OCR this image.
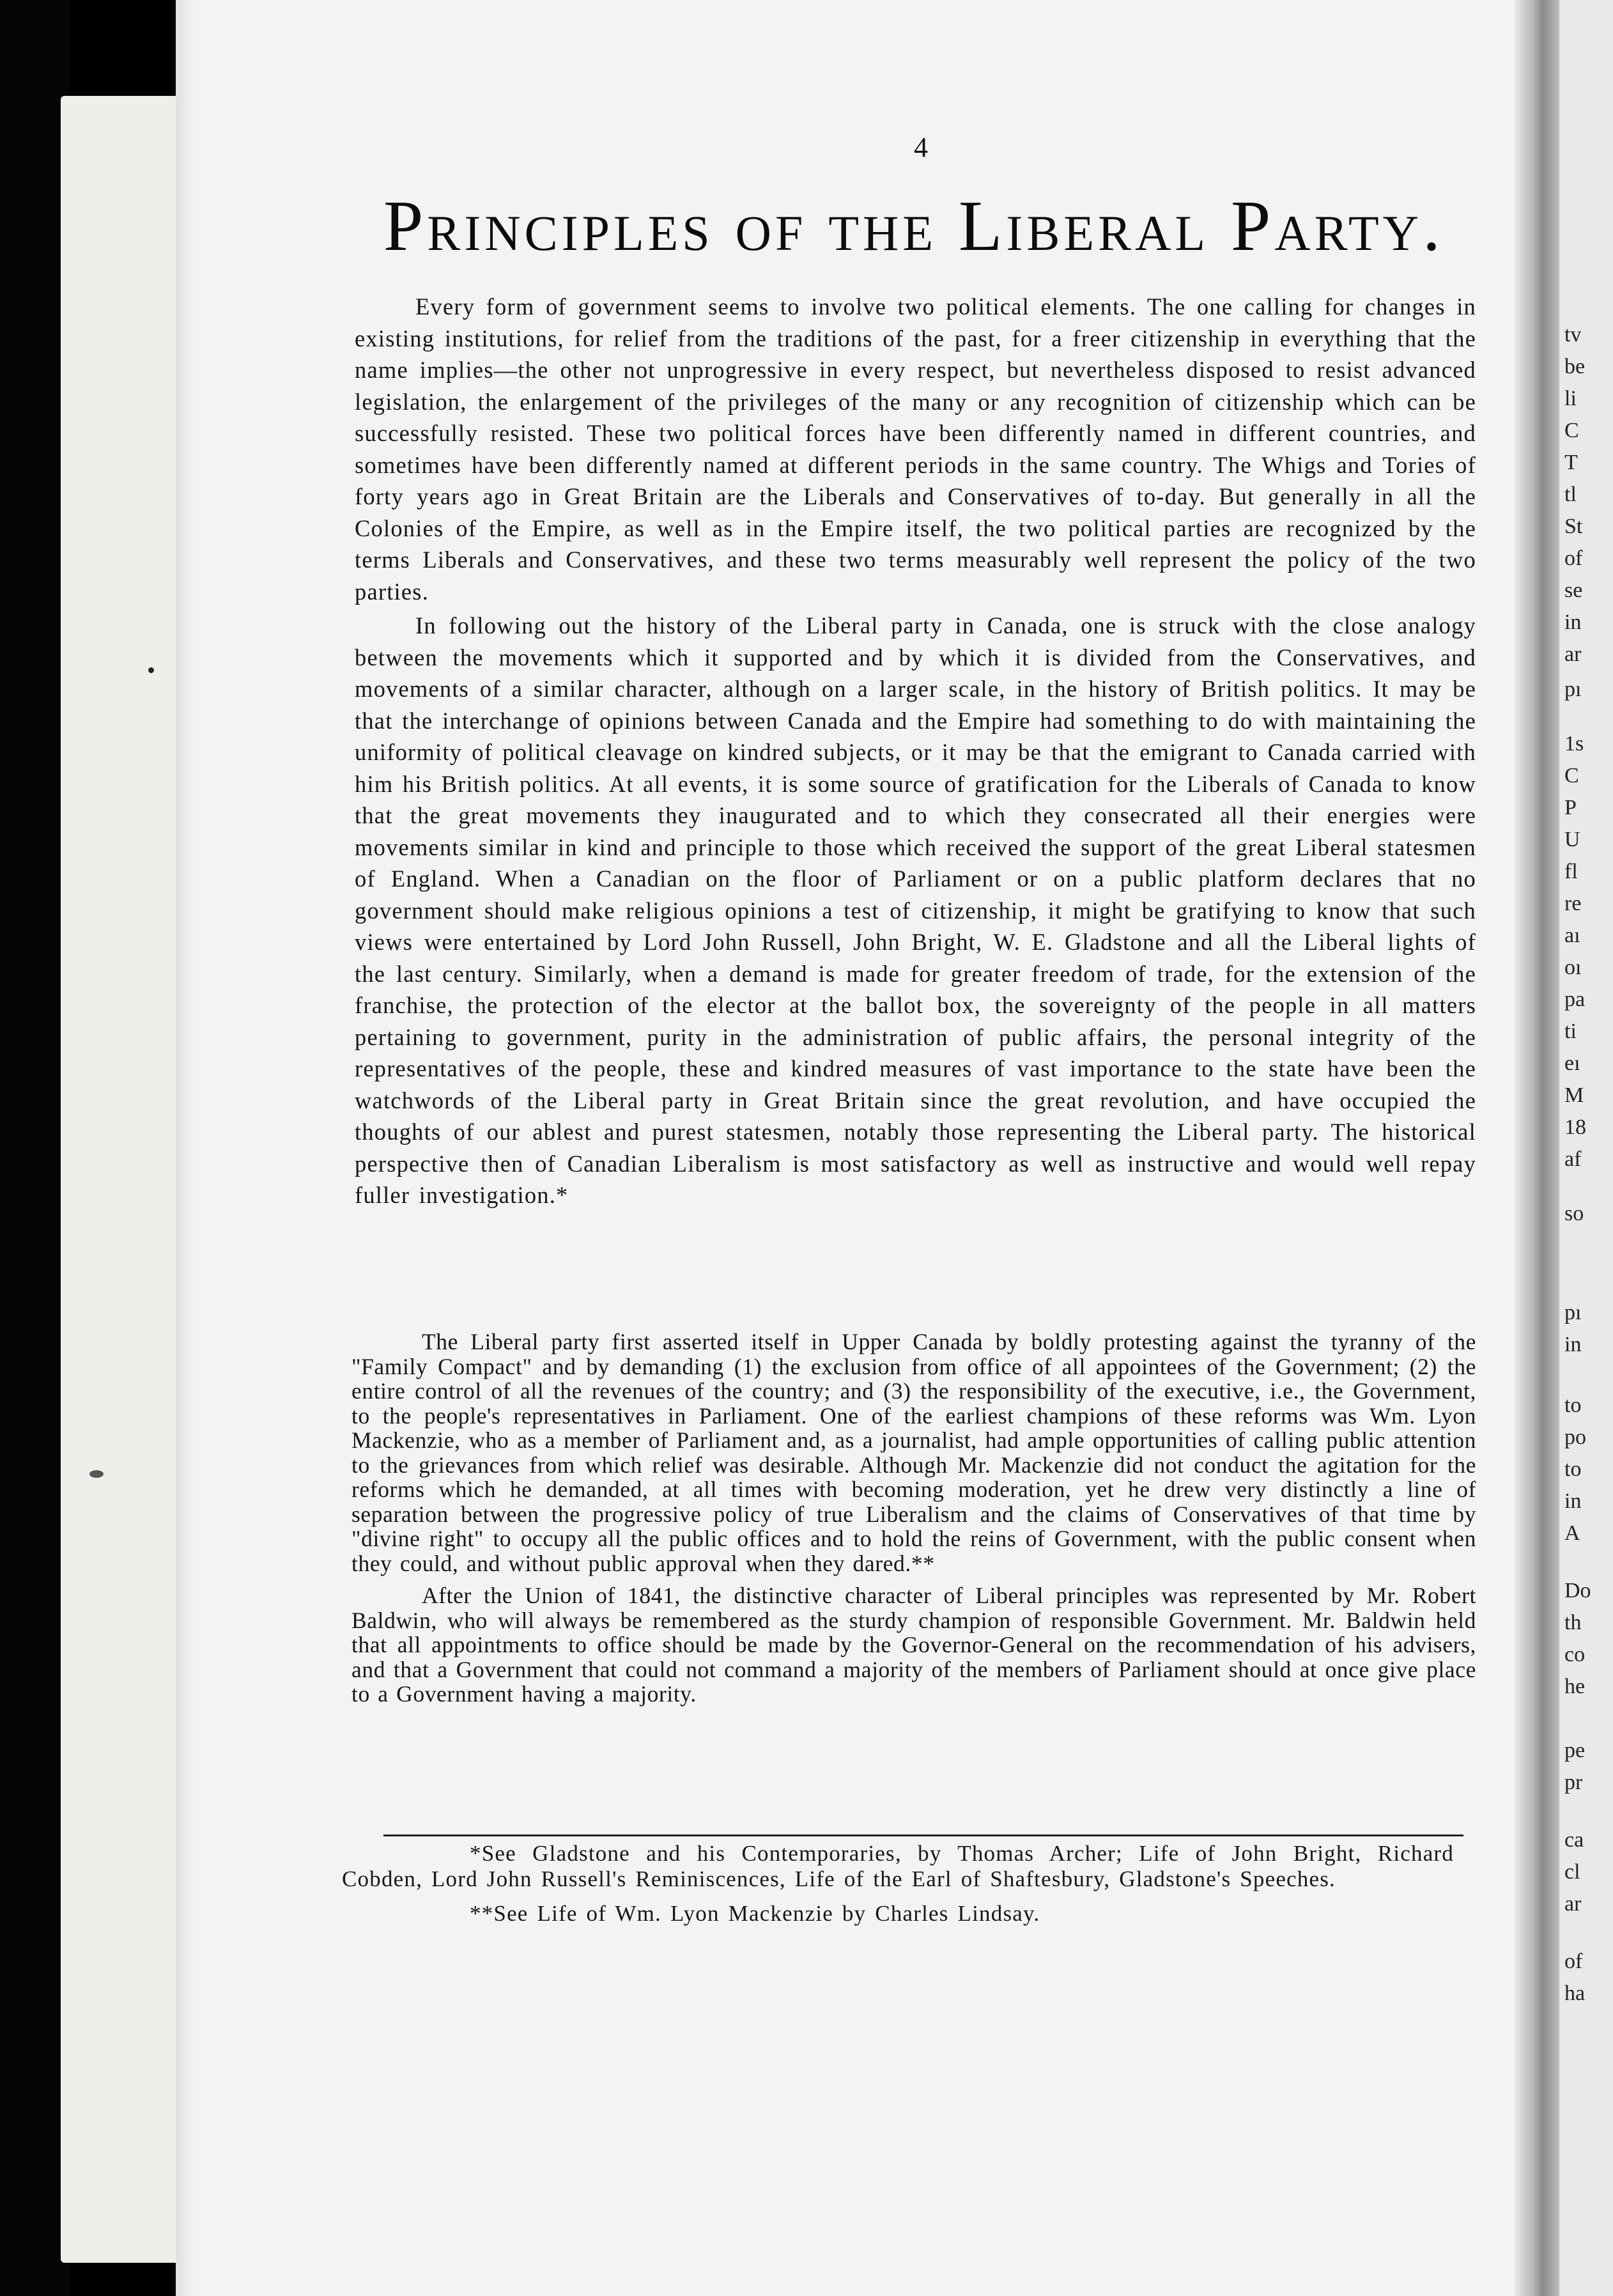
tv
be
li
C
T
tl
St
of
se
in
ar
pı
1s
C
P
U
fl
re
aı
oı
pa
ti
eı
M
18
af
so
pı
in
to
po
to
in
A
Do
th
co
he
pe
pr
ca
cl
ar
of
ha
4
Principles of the Liberal Party.

Every form of government seems to involve two political elements. The one calling for changes in existing institutions, for relief from the traditions of the past, for a freer citizenship in everything that the name implies—the other not unprogressive in every respect, but nevertheless disposed to resist advanced legislation, the enlargement of the privileges of the many or any recognition of citizenship which can be successfully resisted. These two political forces have been differently named in different countries, and sometimes have been differently named at different periods in the same country. The Whigs and Tories of forty years ago in Great Britain are the Liberals and Conservatives of to-day. But generally in all the Colonies of the Empire, as well as in the Empire itself, the two political parties are recognized by the terms Liberals and Conservatives, and these two terms measurably well represent the policy of the two parties.

In following out the history of the Liberal party in Canada, one is struck with the close analogy between the movements which it supported and by which it is divided from the Conservatives, and movements of a similar character, although on a larger scale, in the history of British politics. It may be that the interchange of opinions between Canada and the Empire had something to do with maintaining the uniformity of political cleavage on kindred subjects, or it may be that the emigrant to Canada carried with him his British politics. At all events, it is some source of gratification for the Liberals of Canada to know that the great movements they inaugurated and to which they consecrated all their energies were movements similar in kind and principle to those which received the support of the great Liberal statesmen of England. When a Canadian on the floor of Parliament or on a public platform declares that no government should make religious opinions a test of citizenship, it might be gratifying to know that such views were entertained by Lord John Russell, John Bright, W. E. Gladstone and all the Liberal lights of the last century. Similarly, when a demand is made for greater freedom of trade, for the extension of the franchise, the protection of the elector at the ballot box, the sovereignty of the people in all matters pertaining to government, purity in the administration of public affairs, the personal integrity of the representatives of the people, these and kindred measures of vast importance to the state have been the watchwords of the Liberal party in Great Britain since the great revolution, and have occupied the thoughts of our ablest and purest statesmen, notably those representing the Liberal party. The historical perspective then of Canadian Liberalism is most satisfactory as well as instructive and would well repay fuller investigation.*

The Liberal party first asserted itself in Upper Canada by boldly protesting against the tyranny of the "Family Compact" and by demanding (1) the exclusion from office of all appointees of the Government; (2) the entire control of all the revenues of the country; and (3) the responsibility of the executive, i.e., the Government, to the people's representatives in Parliament. One of the earliest champions of these reforms was Wm. Lyon Mackenzie, who as a member of Parliament and, as a journalist, had ample opportunities of calling public attention to the grievances from which relief was desirable. Although Mr. Mackenzie did not conduct the agitation for the reforms which he demanded, at all times with becoming moderation, yet he drew very distinctly a line of separation between the progressive policy of true Liberalism and the claims of Conservatives of that time by "divine right" to occupy all the public offices and to hold the reins of Government, with the public consent when they could, and without public approval when they dared.**

After the Union of 1841, the distinctive character of Liberal principles was represented by Mr. Robert Baldwin, who will always be remembered as the sturdy champion of responsible Government. Mr. Baldwin held that all appointments to office should be made by the Governor-General on the recommendation of his advisers, and that a Government that could not command a majority of the members of Parliament should at once give place to a Government having a majority.

*See Gladstone and his Contemporaries, by Thomas Archer; Life of John Bright, Richard Cobden, Lord John Russell's Reminiscences, Life of the Earl of Shaftesbury, Gladstone's Speeches.

**See Life of Wm. Lyon Mackenzie by Charles Lindsay.
